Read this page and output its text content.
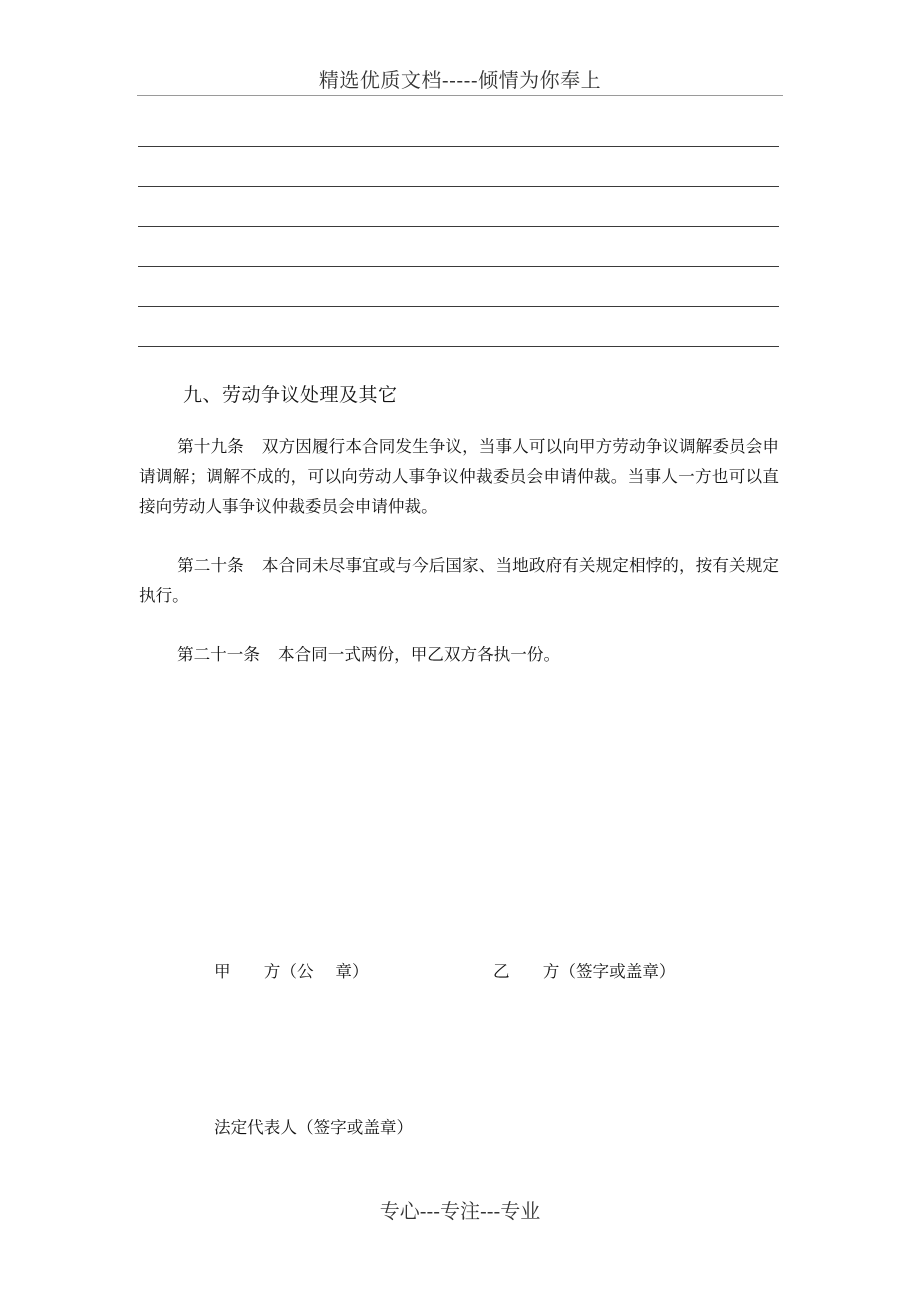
精选优质文档-----倾情为你奉上
九、劳动争议处理及其它

第十九条 双方因履行本合同发生争议，当事人可以向甲方劳动争议调解委员会申请调解；调解不成的，可以向劳动人事争议仲裁委员会申请仲裁。当事人一方也可以直接向劳动人事争议仲裁委员会申请仲裁。

第二十条 本合同未尽事宜或与今后国家、当地政府有关规定相悖的，按有关规定执行。

第二十一条 本合同一式两份，甲乙双方各执一份。

甲　　方（公　 章）	乙　　方（签字或盖章）
法定代表人（签字或盖章）
专心---专注---专业
